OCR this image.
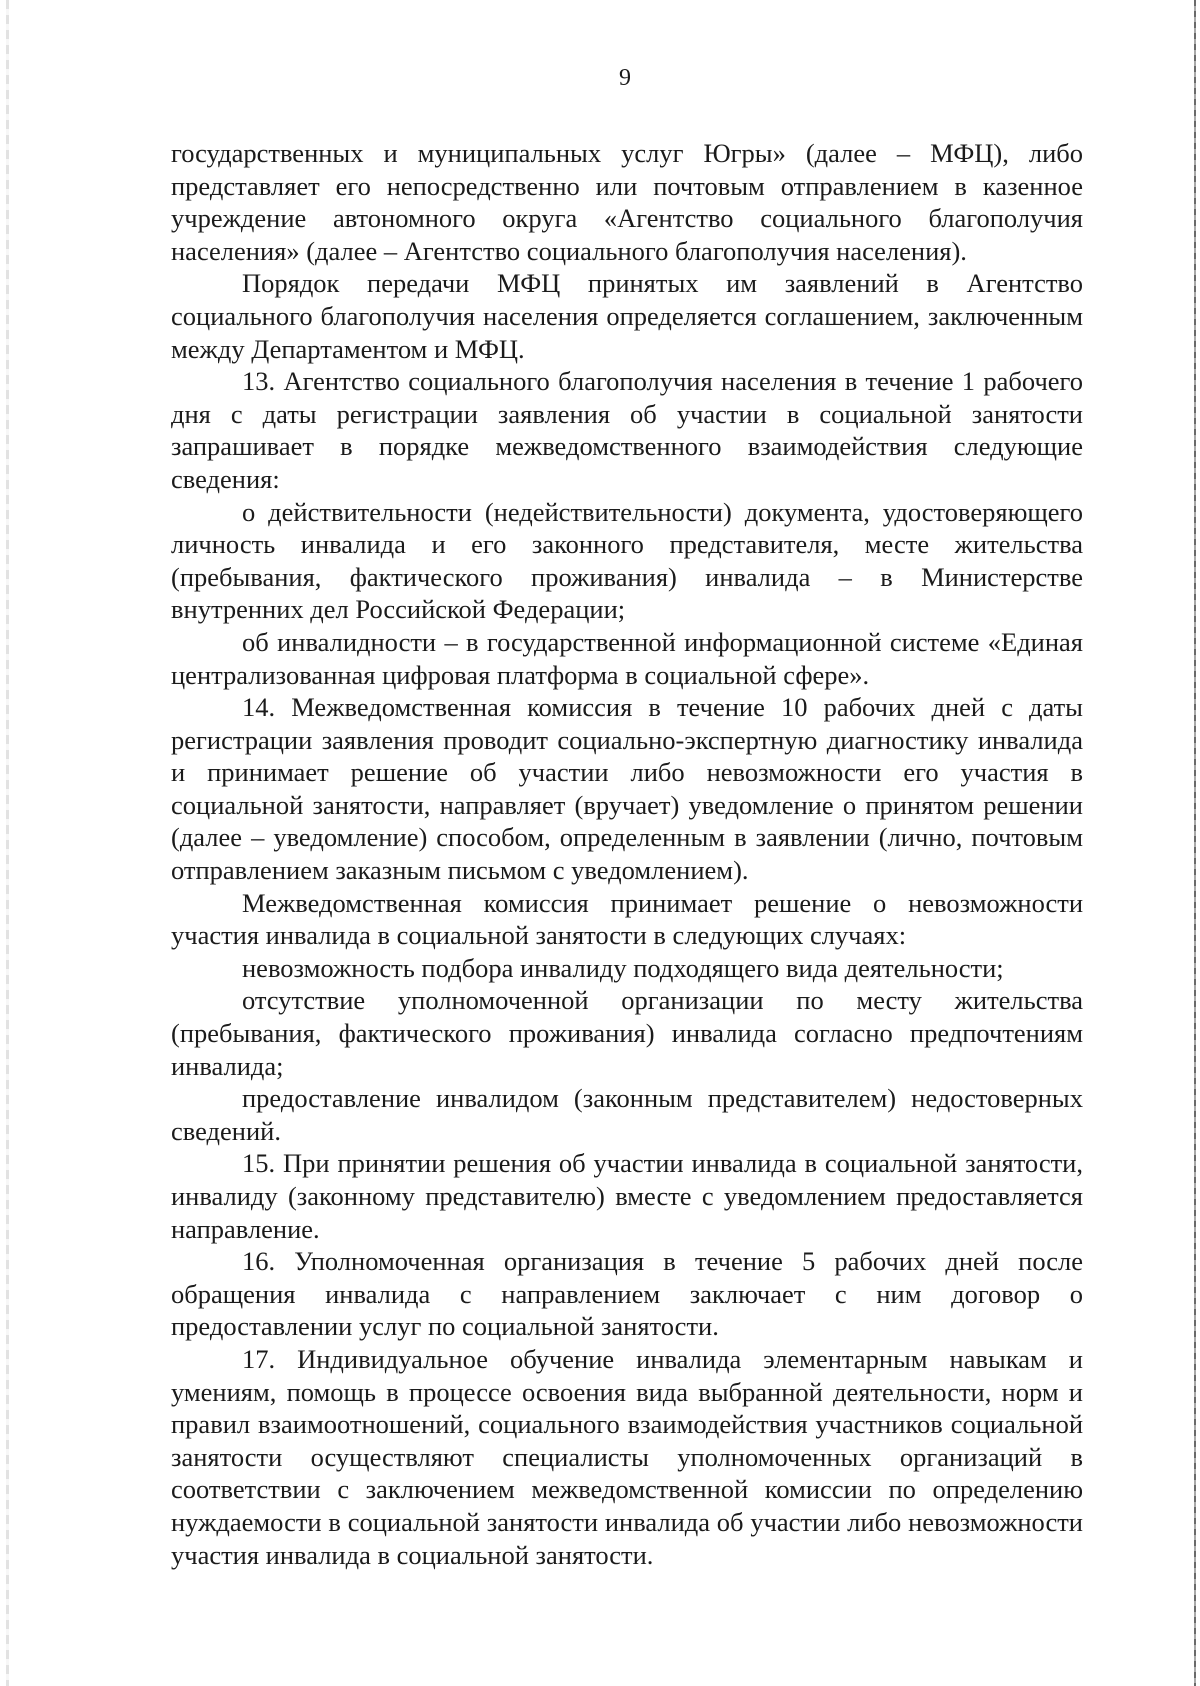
9

государственных и муниципальных услуг Югры» (далее – МФЦ), либо представляет его непосредственно или почтовым отправлением в казенное учреждение автономного округа «Агентство социального благополучия населения» (далее – Агентство социального благополучия населения).

Порядок передачи МФЦ принятых им заявлений в Агентство социального благополучия населения определяется соглашением, заключенным между Департаментом и МФЦ.

13. Агентство социального благополучия населения в течение 1 рабочего дня с даты регистрации заявления об участии в социальной занятости запрашивает в порядке межведомственного взаимодействия следующие сведения:

о действительности (недействительности) документа, удостоверяющего личность инвалида и его законного представителя, месте жительства (пребывания, фактического проживания) инвалида – в Министерстве внутренних дел Российской Федерации;

об инвалидности – в государственной информационной системе «Единая централизованная цифровая платформа в социальной сфере».

14. Межведомственная комиссия в течение 10 рабочих дней с даты регистрации заявления проводит социально-экспертную диагностику инвалида и принимает решение об участии либо невозможности его участия в социальной занятости, направляет (вручает) уведомление о принятом решении (далее – уведомление) способом, определенным в заявлении (лично, почтовым отправлением заказным письмом с уведомлением).

Межведомственная комиссия принимает решение о невозможности участия инвалида в социальной занятости в следующих случаях:

невозможность подбора инвалиду подходящего вида деятельности;

отсутствие уполномоченной организации по месту жительства (пребывания, фактического проживания) инвалида согласно предпочтениям инвалида;

предоставление инвалидом (законным представителем) недостоверных сведений.

15. При принятии решения об участии инвалида в социальной занятости, инвалиду (законному представителю) вместе с уведомлением предоставляется направление.

16. Уполномоченная организация в течение 5 рабочих дней после обращения инвалида с направлением заключает с ним договор о предоставлении услуг по социальной занятости.

17. Индивидуальное обучение инвалида элементарным навыкам и умениям, помощь в процессе освоения вида выбранной деятельности, норм и правил взаимоотношений, социального взаимодействия участников социальной занятости осуществляют специалисты уполномоченных организаций в соответствии с заключением межведомственной комиссии по определению нуждаемости в социальной занятости инвалида об участии либо невозможности участия инвалида в социальной занятости.
